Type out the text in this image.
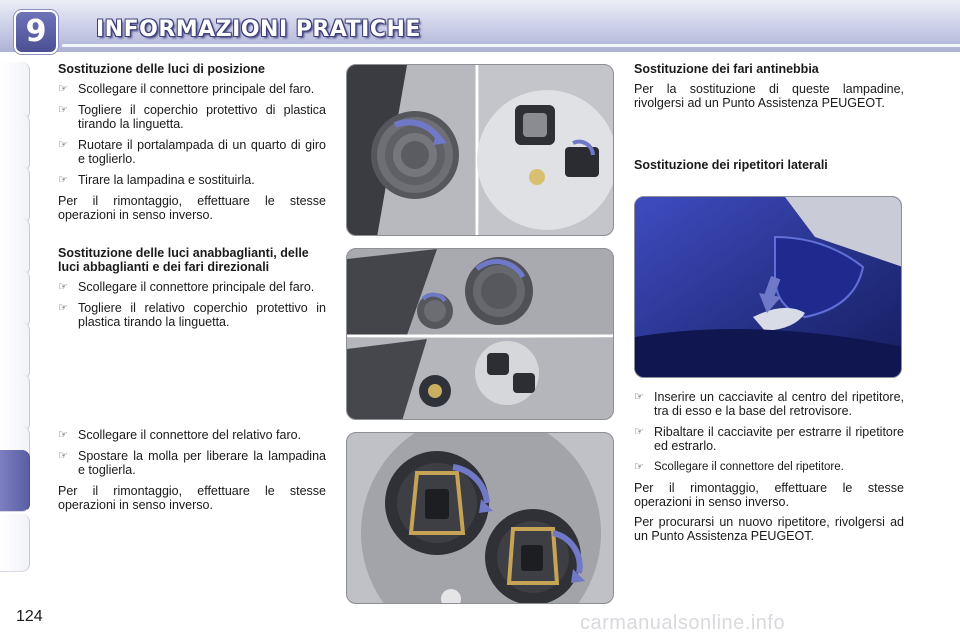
9	INFORMAZIONI PRATICHE
Sostituzione delle luci di posizione
☞ Scollegare il connettore principale del faro.
☞ Togliere il coperchio protettivo di plastica tirando la linguetta.
☞ Ruotare il portalampada di un quarto di giro e toglierlo.
☞ Tirare la lampadina e sostituirla.
Per il rimontaggio, effettuare le stesse operazioni in senso inverso.
Sostituzione delle luci anabbaglianti, delle luci abbaglianti e dei fari direzionali
☞ Scollegare il connettore principale del faro.
☞ Togliere il relativo coperchio protettivo in plastica tirando la linguetta.
☞ Scollegare il connettore del relativo faro.
☞ Spostare la molla per liberare la lampadina e toglierla.
Per il rimontaggio, effettuare le stesse operazioni in senso inverso.
Sostituzione dei fari antinebbia
Per la sostituzione di queste lampadine, rivolgersi ad un Punto Assistenza PEUGEOT.
Sostituzione dei ripetitori laterali
☞ Inserire un cacciavite al centro del ripetitore, tra di esso e la base del retrovisore.
☞ Ribaltare il cacciavite per estrarre il ripetitore ed estrarlo.
☞ Scollegare il connettore del ripetitore.
Per il rimontaggio, effettuare le stesse operazioni in senso inverso.
Per procurarsi un nuovo ripetitore, rivolgersi ad un Punto Assistenza PEUGEOT.
124	carmanualsonline.info
